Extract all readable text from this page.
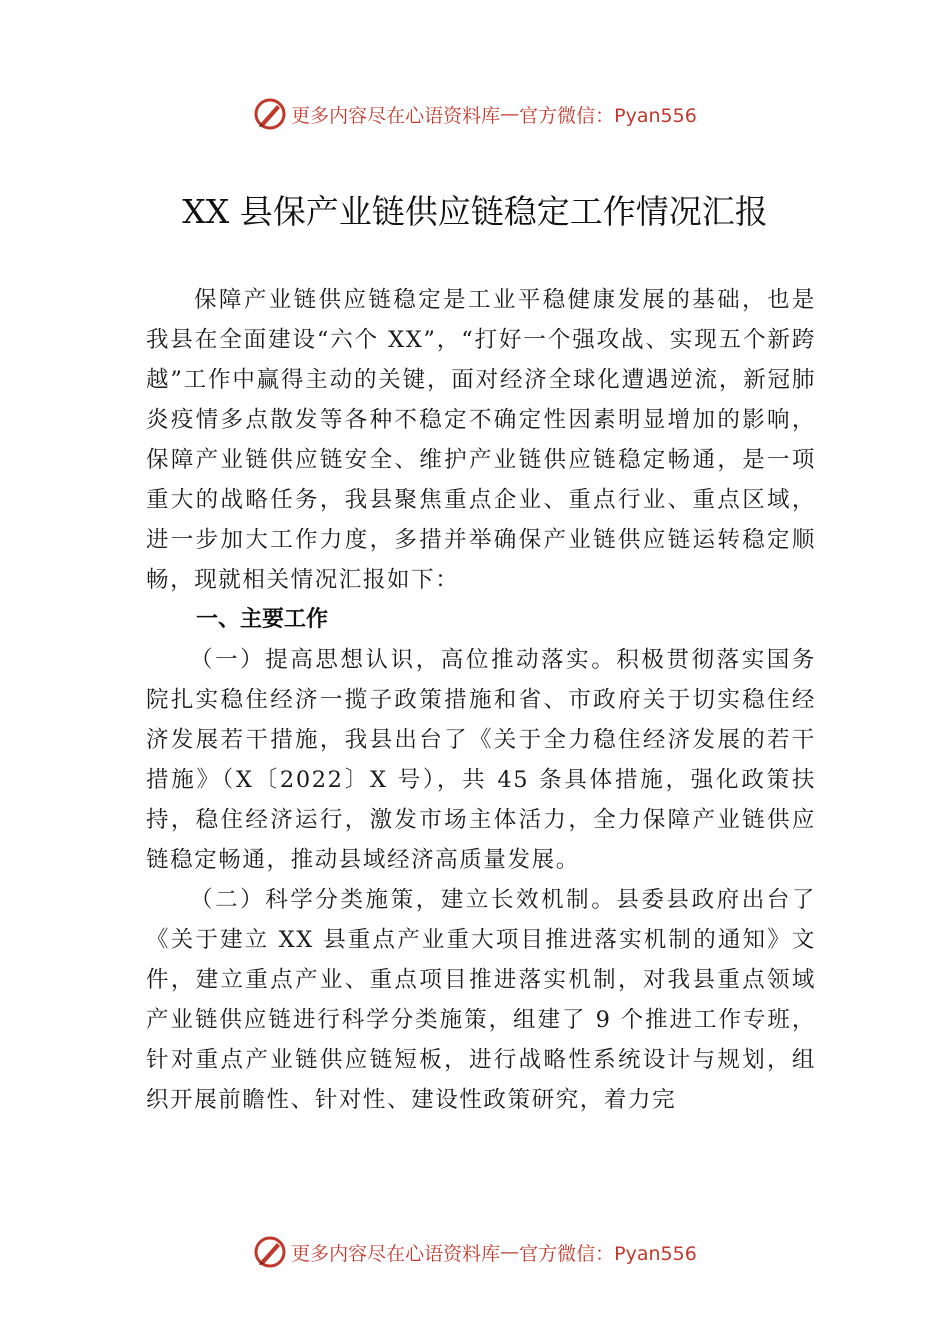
更多内容尽在心语资料库 — 官方微信：Pyan556
XX 县保产业链供应链稳定工作情况汇报

保障产业链供应链稳定是工业平稳健康发展的基础，也是我县在全面建设“六个 XX”，“打好一个强攻战、实现五个新跨越”工作中赢得主动的关键，面对经济全球化遭遇逆流，新冠肺炎疫情多点散发等各种不稳定不确定性因素明显增加的影响，保障产业链供应链安全、维护产业链供应链稳定畅通，是一项重大的战略任务，我县聚焦重点企业、重点行业、重点区域，进一步加大工作力度，多措并举确保产业链供应链运转稳定顺畅，现就相关情况汇报如下：

一、主要工作

（一）提高思想认识，高位推动落实。积极贯彻落实国务院扎实稳住经济一揽子政策措施和省、市政府关于切实稳住经济发展若干措施，我县出台了《关于全力稳住经济发展的若干措施》（X〔2022〕X 号），共 45 条具体措施，强化政策扶持，稳住经济运行，激发市场主体活力，全力保障产业链供应链稳定畅通，推动县域经济高质量发展。

（二）科学分类施策，建立长效机制。县委县政府出台了《关于建立 XX 县重点产业重大项目推进落实机制的通知》文件，建立重点产业、重点项目推进落实机制，对我县重点领域产业链供应链进行科学分类施策，组建了 9 个推进工作专班，针对重点产业链供应链短板，进行战略性系统设计与规划，组织开展前瞻性、针对性、建设性政策研究，着力完

更多内容尽在心语资料库 — 官方微信：Pyan556
